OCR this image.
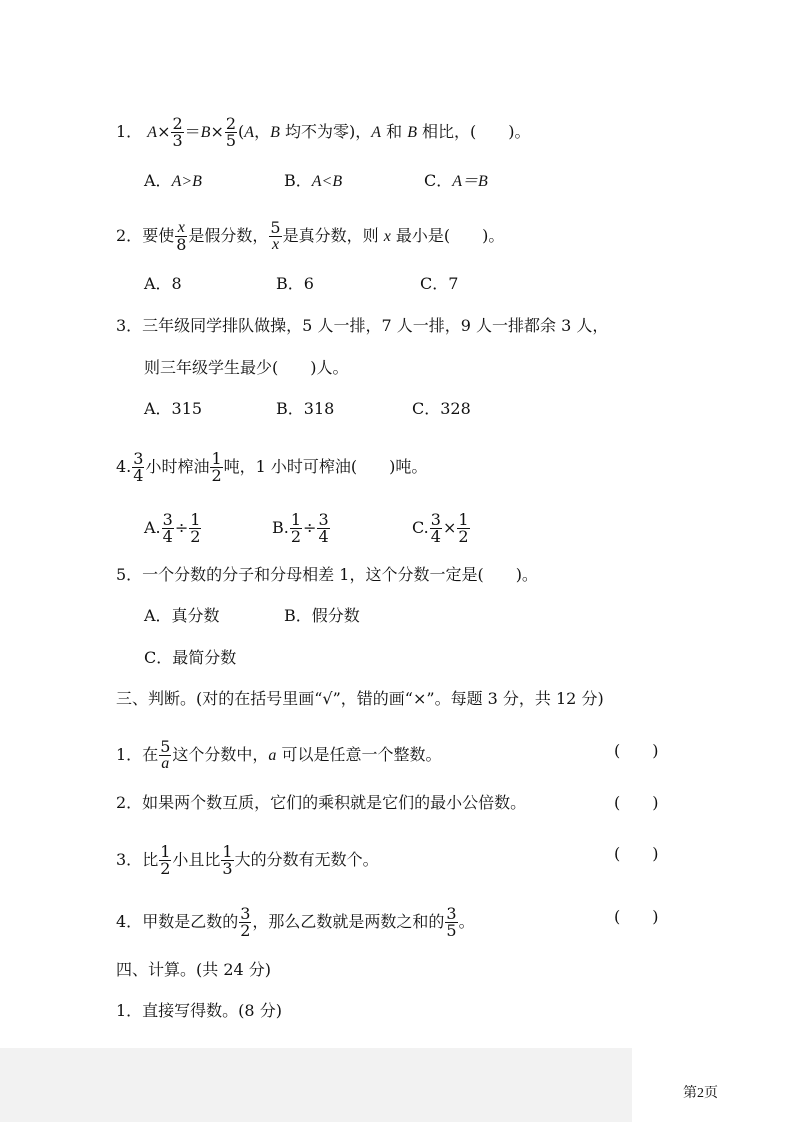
1． $A\times \frac{2}{3} =B\times \frac{2}{5} (A$，B 均不为零)，A 和 B 相比，(　　)。
A．A>B	B．A<B	C．A＝B
2．要使 $\frac{x}{8}$ 是假分数， $\frac{5}{x}$ 是真分数，则 x 最小是(　　)。
A．8	B．6	C．7
3．三年级同学排队做操，5 人一排，7 人一排，9 人一排都余 3 人，
则三年级学生最少(　　)人。
A．315	B．318	C．328
4. $\frac{3}{4}$ 小时榨油 $\frac{1}{2}$ 吨，1 小时可榨油(　　)吨。
A. $\frac{3}{4} \div \frac{1}{2}$	B. $\frac{1}{2} \div \frac{3}{4}$	C. $\frac{3}{4} \times \frac{1}{2}$
5．一个分数的分子和分母相差 1，这个分数一定是(　　)。
A．真分数	B．假分数
C．最简分数
三、判断。(对的在括号里画“√”，错的画“×”。每题 3 分，共 12 分)
1．在 $\frac{5}{a}$ 这个分数中，a 可以是任意一个整数。	(　　)
2．如果两个数互质，它们的乘积就是它们的最小公倍数。	(　　)
3．比 $\frac{1}{2}$ 小且比 $\frac{1}{3}$ 大的分数有无数个。	(　　)
4．甲数是乙数的 $\frac{3}{2}$ ，那么乙数就是两数之和的 $\frac{3}{5}$ 。	(　　)
四、计算。(共 24 分)
1．直接写得数。(8 分)
第2页
